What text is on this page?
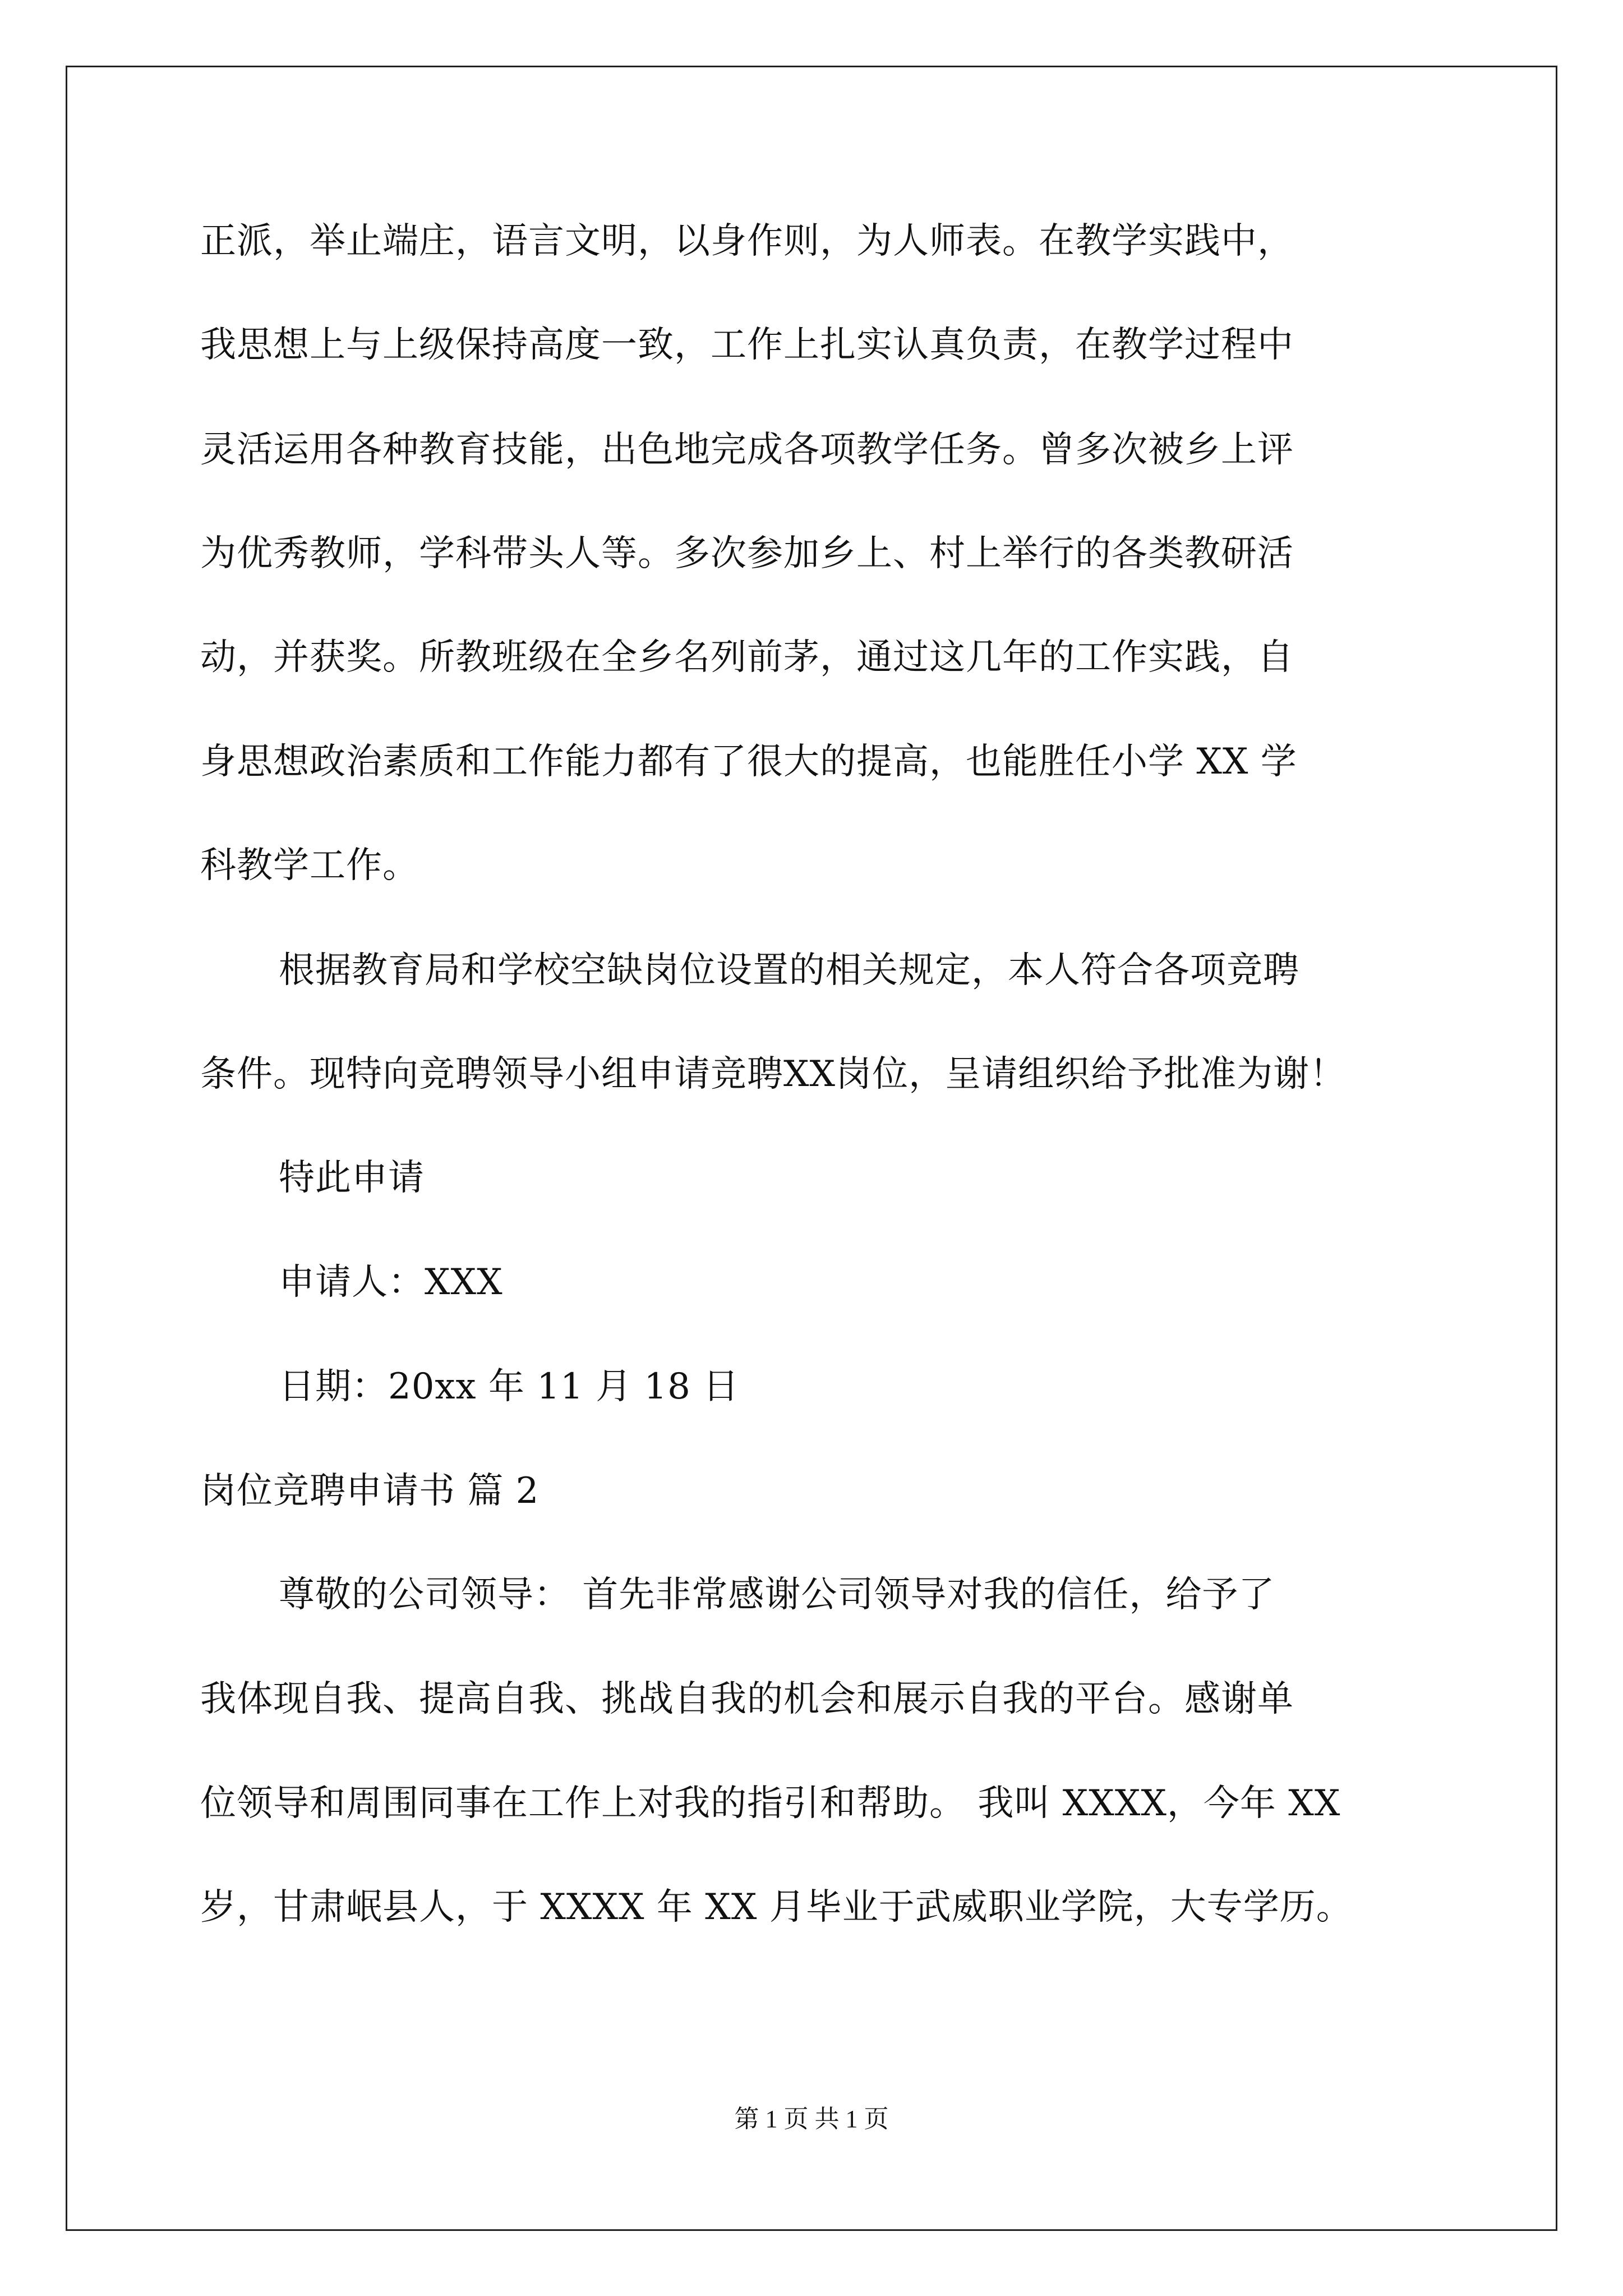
正派，举止端庄，语言文明，以身作则，为人师表。在教学实践中，
我思想上与上级保持高度一致，工作上扎实认真负责，在教学过程中
灵活运用各种教育技能，出色地完成各项教学任务。曾多次被乡上评
为优秀教师，学科带头人等。多次参加乡上、村上举行的各类教研活
动，并获奖。所教班级在全乡名列前茅，通过这几年的工作实践，自
身思想政治素质和工作能力都有了很大的提高，也能胜任小学 XX 学
科教学工作。
根据教育局和学校空缺岗位设置的相关规定，本人符合各项竞聘
条件。现特向竞聘领导小组申请竞聘XX岗位，呈请组织给予批准为谢！
特此申请
申请人：XXX
日期：20xx 年 11 月 18 日
岗位竞聘申请书 篇 2
尊敬的公司领导： 首先非常感谢公司领导对我的信任，给予了
我体现自我、提高自我、挑战自我的机会和展示自我的平台。感谢单
位领导和周围同事在工作上对我的指引和帮助。 我叫 XXXX，今年 XX
岁，甘肃岷县人，于 XXXX 年 XX 月毕业于武威职业学院，大专学历。
第 1 页 共 1 页
